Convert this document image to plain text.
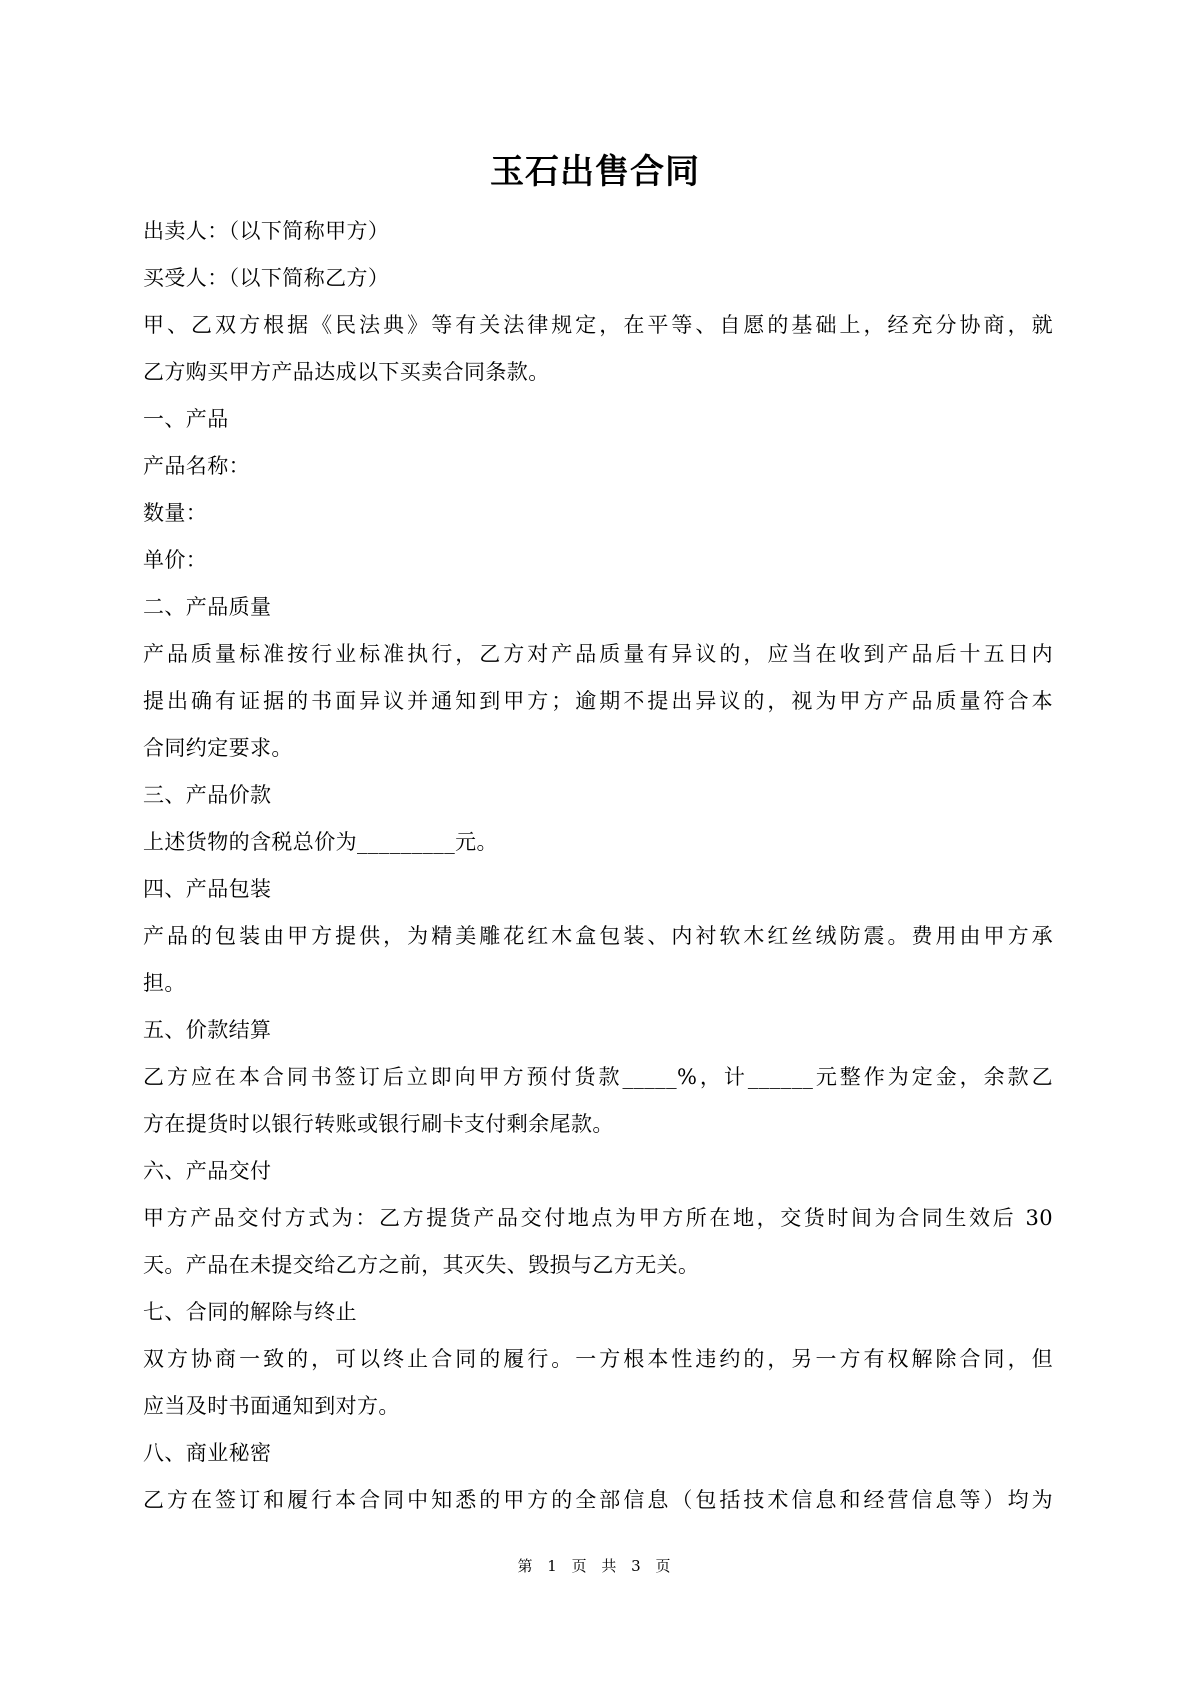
玉石出售合同
出卖人：（以下简称甲方）
买受人：（以下简称乙方）
甲、乙双方根据《民法典》等有关法律规定，在平等、自愿的基础上，经充分协商，就
乙方购买甲方产品达成以下买卖合同条款。
一、产品
产品名称：
数量：
单价：
二、产品质量
产品质量标准按行业标准执行，乙方对产品质量有异议的，应当在收到产品后十五日内
提出确有证据的书面异议并通知到甲方；逾期不提出异议的，视为甲方产品质量符合本
合同约定要求。
三、产品价款
上述货物的含税总价为_________元。
四、产品包装
产品的包装由甲方提供，为精美雕花红木盒包装、内衬软木红丝绒防震。费用由甲方承
担。
五、价款结算
乙方应在本合同书签订后立即向甲方预付货款_____%，计______元整作为定金，余款乙
方在提货时以银行转账或银行刷卡支付剩余尾款。
六、产品交付
甲方产品交付方式为：乙方提货产品交付地点为甲方所在地，交货时间为合同生效后 30
天。产品在未提交给乙方之前，其灭失、毁损与乙方无关。
七、合同的解除与终止
双方协商一致的，可以终止合同的履行。一方根本性违约的，另一方有权解除合同，但
应当及时书面通知到对方。
八、商业秘密
乙方在签订和履行本合同中知悉的甲方的全部信息（包括技术信息和经营信息等）均为
第 1 页 共 3 页
